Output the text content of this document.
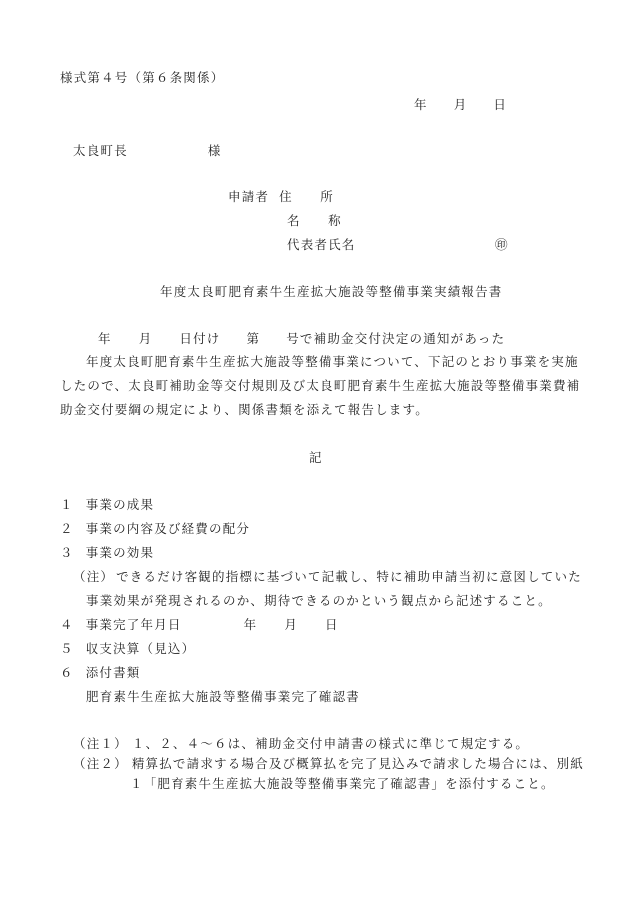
様式第４号（第６条関係）
年 月 日
太良町長	様
申請者 住　　所
名　　称
代表者氏名	㊞
年度太良町肥育素牛生産拡大施設等整備事業実績報告書
年 月 日付け 第 号で補助金交付決定の通知があった
年度太良町肥育素牛生産拡大施設等整備事業について、下記のとおり事業を実施
したので、太良町補助金等交付規則及び太良町肥育素牛生産拡大施設等整備事業費補
助金交付要綱の規定により、関係書類を添えて報告します。
記
１ 事業の成果
２ 事業の内容及び経費の配分
３ 事業の効果
（注） できるだけ客観的指標に基づいて記載し、特に補助申請当初に意図していた
事業効果が発現されるのか、期待できるのかという観点から記述すること。
４ 事業完了年月日	年 月 日
５ 収支決算（見込）
６ 添付書類
肥育素牛生産拡大施設等整備事業完了確認書
（注１） １、２、４～６は、補助金交付申請書の様式に準じて規定する。
（注２） 精算払で請求する場合及び概算払を完了見込みで請求した場合には、別紙
１「肥育素牛生産拡大施設等整備事業完了確認書」を添付すること。
